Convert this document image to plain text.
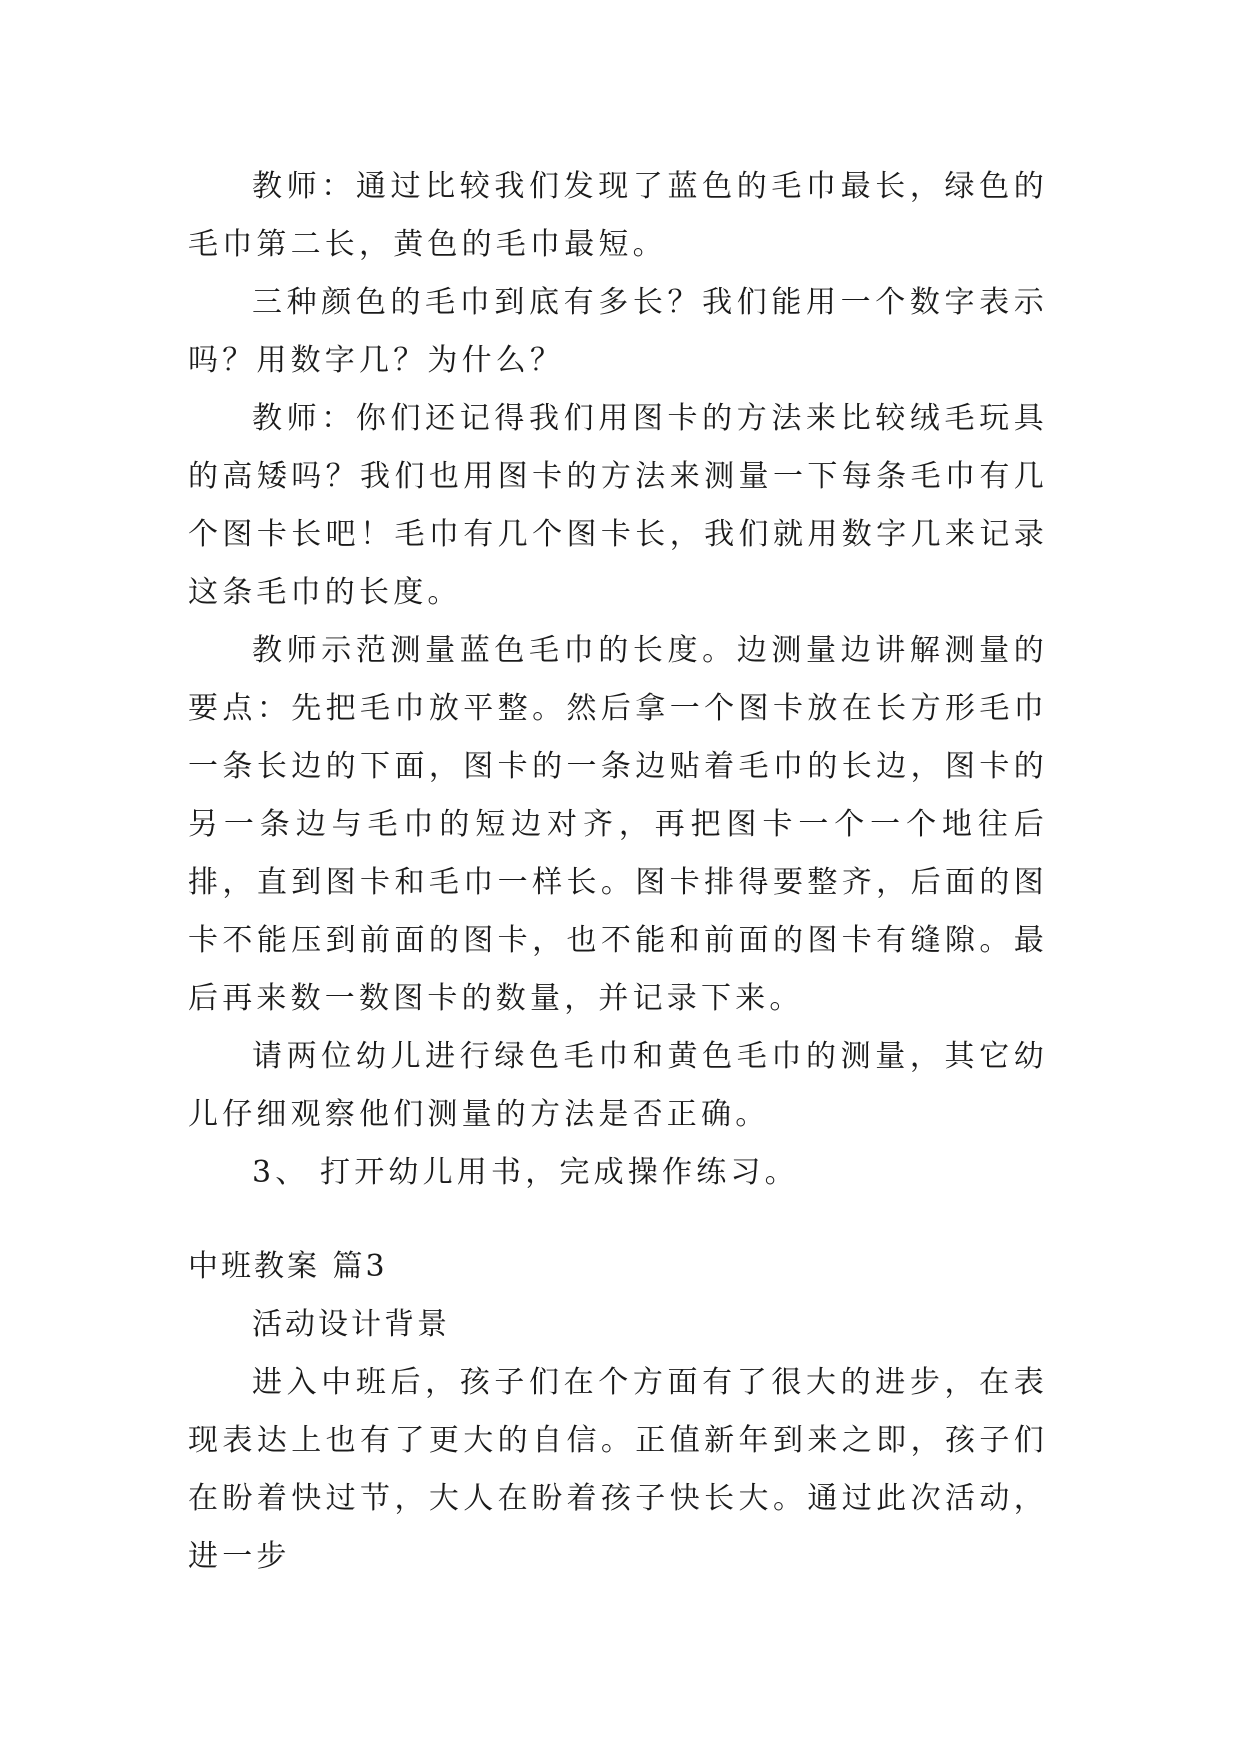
教师：通过比较我们发现了蓝色的毛巾最长，绿色的毛巾第二长，黄色的毛巾最短。

三种颜色的毛巾到底有多长？我们能用一个数字表示吗？用数字几？为什么？

教师：你们还记得我们用图卡的方法来比较绒毛玩具的高矮吗？我们也用图卡的方法来测量一下每条毛巾有几个图卡长吧！毛巾有几个图卡长，我们就用数字几来记录这条毛巾的长度。

教师示范测量蓝色毛巾的长度。边测量边讲解测量的要点：先把毛巾放平整。然后拿一个图卡放在长方形毛巾一条长边的下面，图卡的一条边贴着毛巾的长边，图卡的另一条边与毛巾的短边对齐，再把图卡一个一个地往后排，直到图卡和毛巾一样长。图卡排得要整齐，后面的图卡不能压到前面的图卡，也不能和前面的图卡有缝隙。最后再来数一数图卡的数量，并记录下来。

请两位幼儿进行绿色毛巾和黄色毛巾的测量，其它幼儿仔细观察他们测量的方法是否正确。

3、 打开幼儿用书，完成操作练习。

中班教案 篇3

活动设计背景

进入中班后，孩子们在个方面有了很大的进步，在表现表达上也有了更大的自信。正值新年到来之即，孩子们在盼着快过节，大人在盼着孩子快长大。通过此次活动，进一步
